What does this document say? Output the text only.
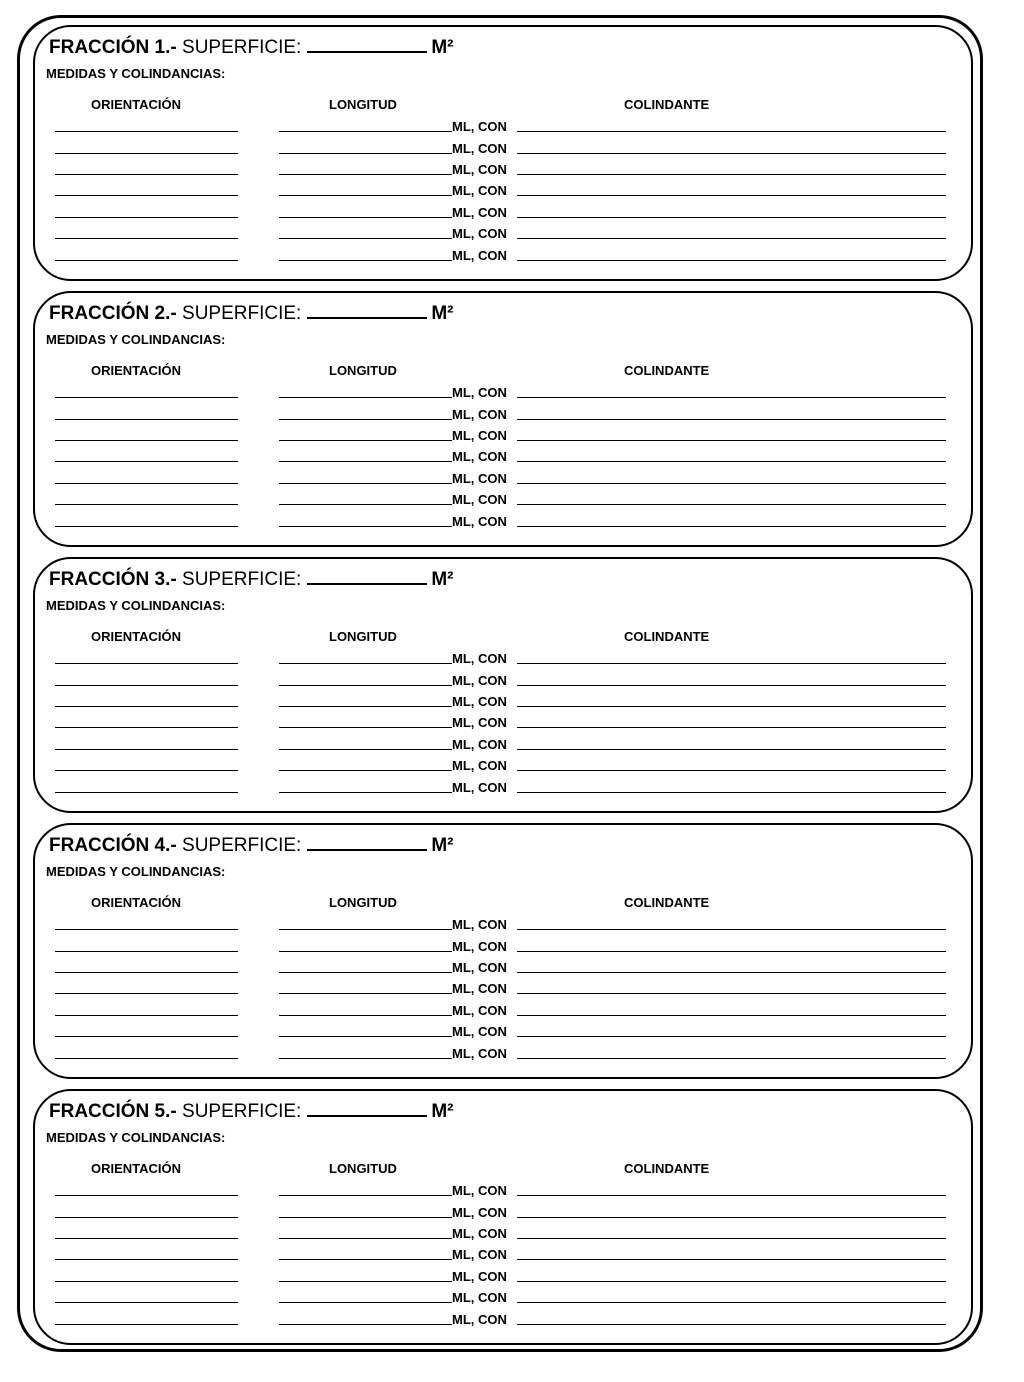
FRACCIÓN 1.- SUPERFICIE:	M²
MEDIDAS Y COLINDANCIAS:
ORIENTACIÓN	LONGITUD	COLINDANTE
ML, CON
ML, CON
ML, CON
ML, CON
ML, CON
ML, CON
ML, CON
FRACCIÓN 2.- SUPERFICIE:	M²
MEDIDAS Y COLINDANCIAS:
ORIENTACIÓN	LONGITUD	COLINDANTE
ML, CON
ML, CON
ML, CON
ML, CON
ML, CON
ML, CON
ML, CON
FRACCIÓN 3.- SUPERFICIE:	M²
MEDIDAS Y COLINDANCIAS:
ORIENTACIÓN	LONGITUD	COLINDANTE
ML, CON
ML, CON
ML, CON
ML, CON
ML, CON
ML, CON
ML, CON
FRACCIÓN 4.- SUPERFICIE:	M²
MEDIDAS Y COLINDANCIAS:
ORIENTACIÓN	LONGITUD	COLINDANTE
ML, CON
ML, CON
ML, CON
ML, CON
ML, CON
ML, CON
ML, CON
FRACCIÓN 5.- SUPERFICIE:	M²
MEDIDAS Y COLINDANCIAS:
ORIENTACIÓN	LONGITUD	COLINDANTE
ML, CON
ML, CON
ML, CON
ML, CON
ML, CON
ML, CON
ML, CON
